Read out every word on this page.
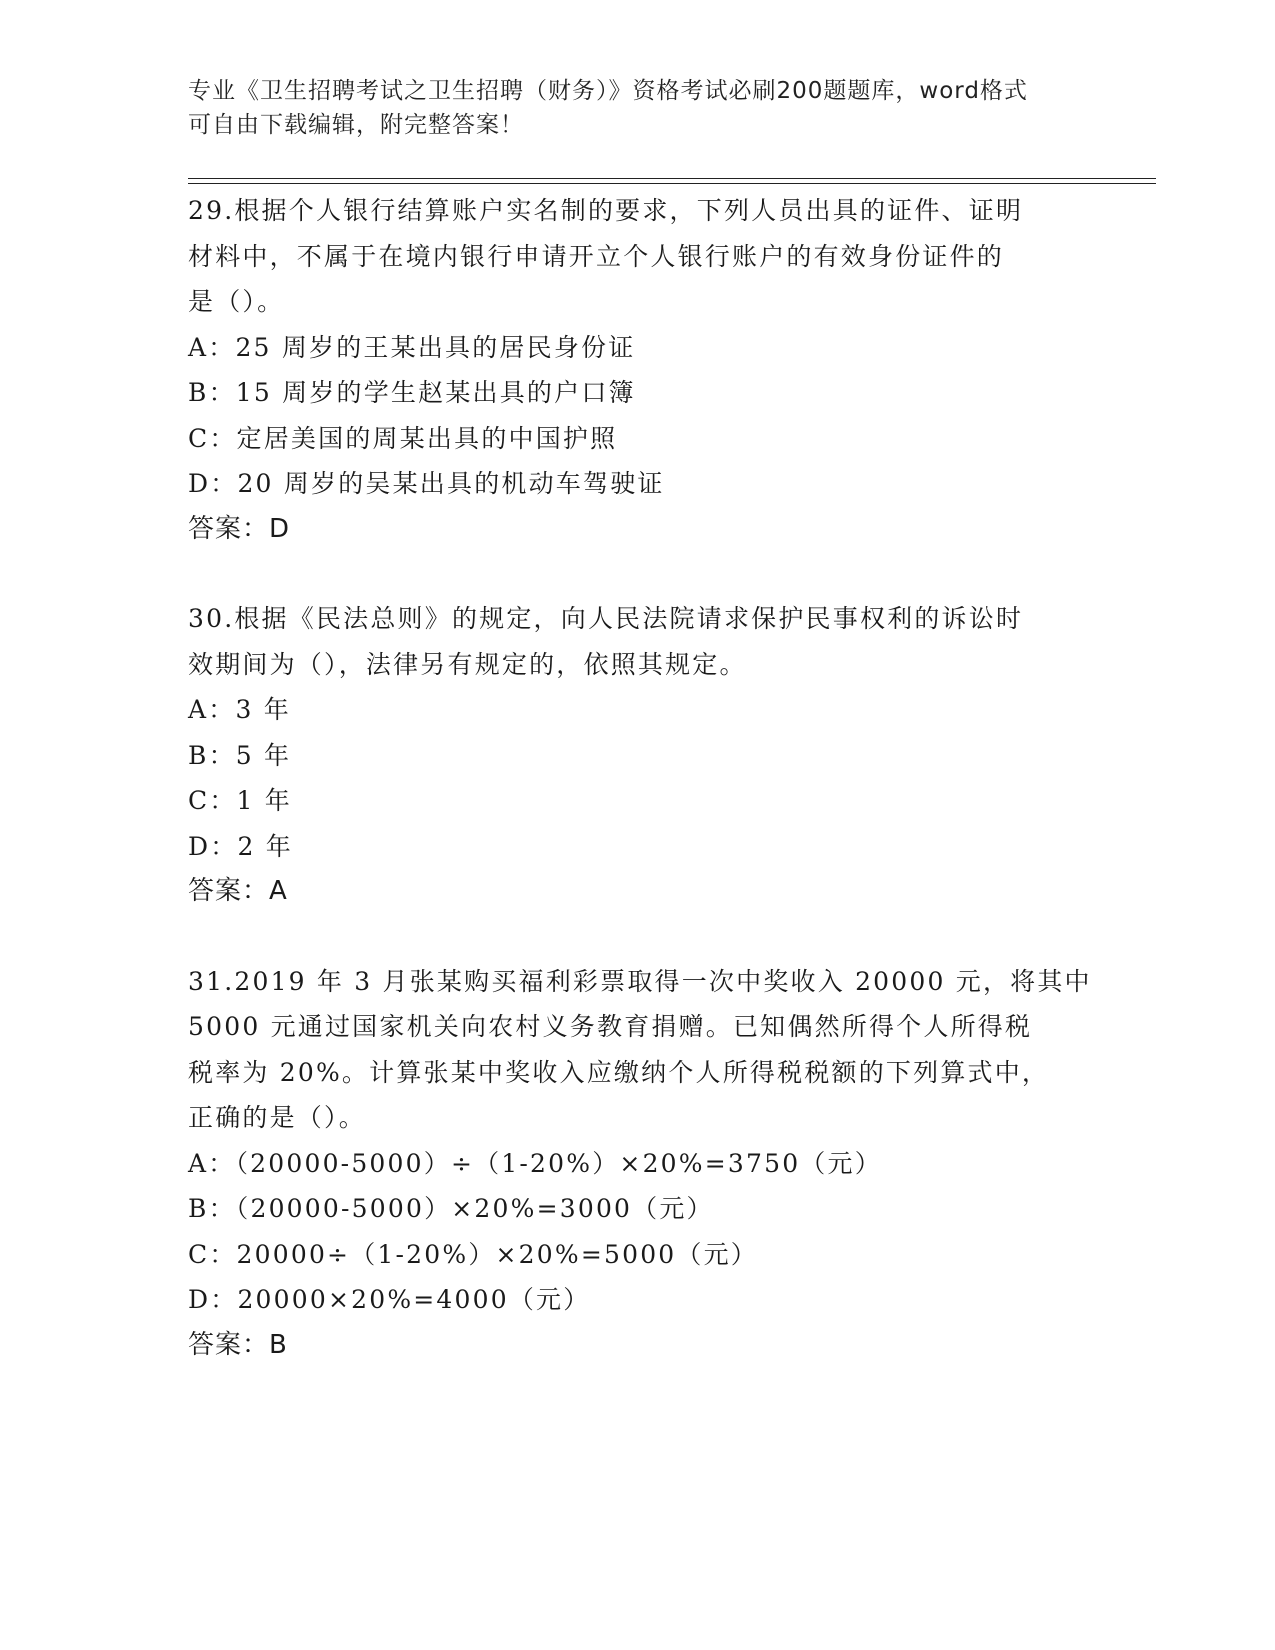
专业《卫生招聘考试之卫生招聘（财务）》资格考试必刷200题题库，word格式
可自由下载编辑，附完整答案！
29.根据个人银行结算账户实名制的要求，下列人员出具的证件、证明
材料中，不属于在境内银行申请开立个人银行账户的有效身份证件的
是（）。
A：25 周岁的王某出具的居民身份证
B：15 周岁的学生赵某出具的户口簿
C：定居美国的周某出具的中国护照
D：20 周岁的吴某出具的机动车驾驶证
答案：D
30.根据《民法总则》的规定，向人民法院请求保护民事权利的诉讼时
效期间为（），法律另有规定的，依照其规定。
A：3 年
B：5 年
C：1 年
D：2 年
答案：A
31.2019 年 3 月张某购买福利彩票取得一次中奖收入 20000 元，将其中
5000 元通过国家机关向农村义务教育捐赠。已知偶然所得个人所得税
税率为 20%。计算张某中奖收入应缴纳个人所得税税额的下列算式中，
正确的是（）。
A：（20000-5000）÷（1-20%）×20%=3750（元）
B：（20000-5000）×20%=3000（元）
C：20000÷（1-20%）×20%=5000（元）
D：20000×20%=4000（元）
答案：B
